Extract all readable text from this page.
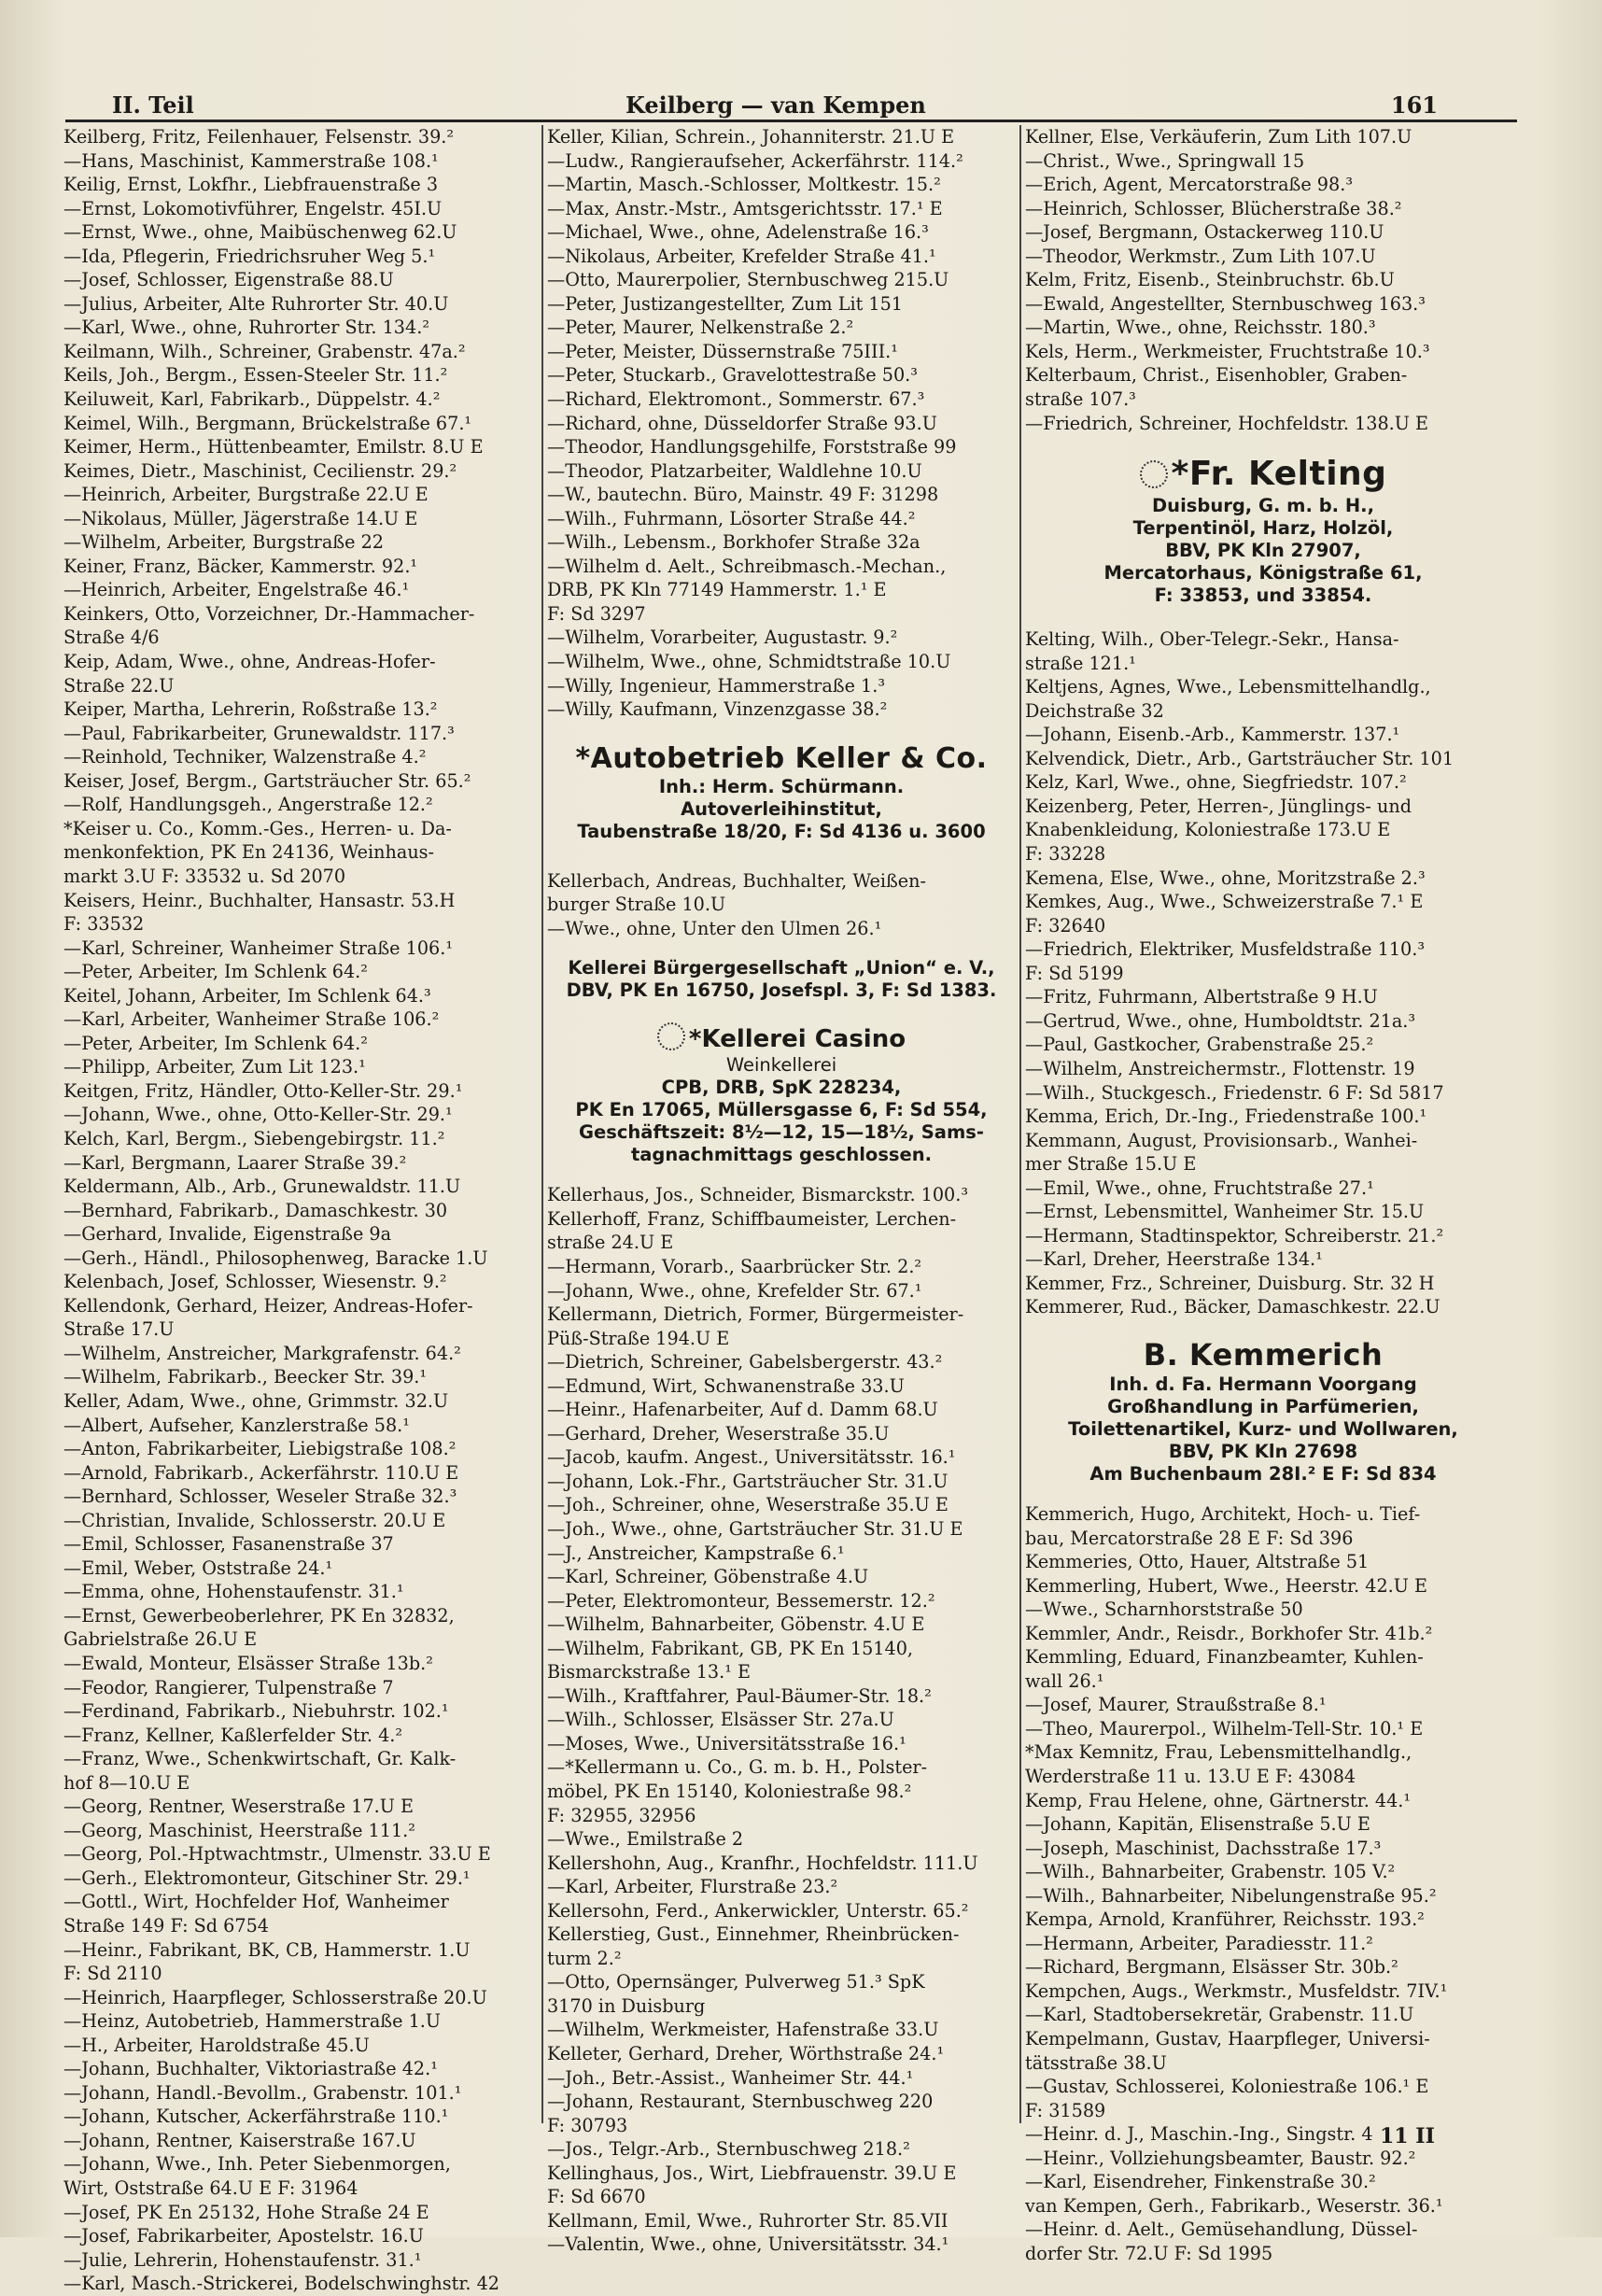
II. Teil	Keilberg — van Kempen	161
Keilberg, Fritz, Feilenhauer, Felsenstr. 39.²
—Hans, Maschinist, Kammerstraße 108.¹
Keilig, Ernst, Lokfhr., Liebfrauenstraße 3
—Ernst, Lokomotivführer, Engelstr. 45I.U
—Ernst, Wwe., ohne, Maibüschenweg 62.U
—Ida, Pflegerin, Friedrichsruher Weg 5.¹
—Josef, Schlosser, Eigenstraße 88.U
—Julius, Arbeiter, Alte Ruhrorter Str. 40.U
—Karl, Wwe., ohne, Ruhrorter Str. 134.²
Keilmann, Wilh., Schreiner, Grabenstr. 47a.²
Keils, Joh., Bergm., Essen-Steeler Str. 11.²
Keiluweit, Karl, Fabrikarb., Düppelstr. 4.²
Keimel, Wilh., Bergmann, Brückelstraße 67.¹
Keimer, Herm., Hüttenbeamter, Emilstr. 8.U E
Keimes, Dietr., Maschinist, Cecilienstr. 29.²
—Heinrich, Arbeiter, Burgstraße 22.U E
—Nikolaus, Müller, Jägerstraße 14.U E
—Wilhelm, Arbeiter, Burgstraße 22
Keiner, Franz, Bäcker, Kammerstr. 92.¹
—Heinrich, Arbeiter, Engelstraße 46.¹
Keinkers, Otto, Vorzeichner, Dr.-Hammacher-
Straße 4/6
Keip, Adam, Wwe., ohne, Andreas-Hofer-
Straße 22.U
Keiper, Martha, Lehrerin, Roßstraße 13.²
—Paul, Fabrikarbeiter, Grunewaldstr. 117.³
—Reinhold, Techniker, Walzenstraße 4.²
Keiser, Josef, Bergm., Gartsträucher Str. 65.²
—Rolf, Handlungsgeh., Angerstraße 12.²
*Keiser u. Co., Komm.-Ges., Herren- u. Da-
menkonfektion, PK En 24136, Weinhaus-
markt 3.U F: 33532 u. Sd 2070
Keisers, Heinr., Buchhalter, Hansastr. 53.H
F: 33532
—Karl, Schreiner, Wanheimer Straße 106.¹
—Peter, Arbeiter, Im Schlenk 64.²
Keitel, Johann, Arbeiter, Im Schlenk 64.³
—Karl, Arbeiter, Wanheimer Straße 106.²
—Peter, Arbeiter, Im Schlenk 64.²
—Philipp, Arbeiter, Zum Lit 123.¹
Keitgen, Fritz, Händler, Otto-Keller-Str. 29.¹
—Johann, Wwe., ohne, Otto-Keller-Str. 29.¹
Kelch, Karl, Bergm., Siebengebirgstr. 11.²
—Karl, Bergmann, Laarer Straße 39.²
Keldermann, Alb., Arb., Grunewaldstr. 11.U
—Bernhard, Fabrikarb., Damaschkestr. 30
—Gerhard, Invalide, Eigenstraße 9a
—Gerh., Händl., Philosophenweg, Baracke 1.U
Kelenbach, Josef, Schlosser, Wiesenstr. 9.²
Kellendonk, Gerhard, Heizer, Andreas-Hofer-
Straße 17.U
—Wilhelm, Anstreicher, Markgrafenstr. 64.²
—Wilhelm, Fabrikarb., Beecker Str. 39.¹
Keller, Adam, Wwe., ohne, Grimmstr. 32.U
—Albert, Aufseher, Kanzlerstraße 58.¹
—Anton, Fabrikarbeiter, Liebigstraße 108.²
—Arnold, Fabrikarb., Ackerfährstr. 110.U E
—Bernhard, Schlosser, Weseler Straße 32.³
—Christian, Invalide, Schlosserstr. 20.U E
—Emil, Schlosser, Fasanenstraße 37
—Emil, Weber, Oststraße 24.¹
—Emma, ohne, Hohenstaufenstr. 31.¹
—Ernst, Gewerbeoberlehrer, PK En 32832,
Gabrielstraße 26.U E
—Ewald, Monteur, Elsässer Straße 13b.²
—Feodor, Rangierer, Tulpenstraße 7
—Ferdinand, Fabrikarb., Niebuhrstr. 102.¹
—Franz, Kellner, Kaßlerfelder Str. 4.²
—Franz, Wwe., Schenkwirtschaft, Gr. Kalk-
hof 8—10.U E
—Georg, Rentner, Weserstraße 17.U E
—Georg, Maschinist, Heerstraße 111.²
—Georg, Pol.-Hptwachtmstr., Ulmenstr. 33.U E
—Gerh., Elektromonteur, Gitschiner Str. 29.¹
—Gottl., Wirt, Hochfelder Hof, Wanheimer
Straße 149 F: Sd 6754
—Heinr., Fabrikant, BK, CB, Hammerstr. 1.U
F: Sd 2110
—Heinrich, Haarpfleger, Schlosserstraße 20.U
—Heinz, Autobetrieb, Hammerstraße 1.U
—H., Arbeiter, Haroldstraße 45.U
—Johann, Buchhalter, Viktoriastraße 42.¹
—Johann, Handl.-Bevollm., Grabenstr. 101.¹
—Johann, Kutscher, Ackerfährstraße 110.¹
—Johann, Rentner, Kaiserstraße 167.U
—Johann, Wwe., Inh. Peter Siebenmorgen,
Wirt, Oststraße 64.U E F: 31964
—Josef, PK En 25132, Hohe Straße 24 E
—Josef, Fabrikarbeiter, Apostelstr. 16.U
—Julie, Lehrerin, Hohenstaufenstr. 31.¹
—Karl, Masch.-Strickerei, Bodelschwinghstr. 42
Keller, Kilian, Schrein., Johanniterstr. 21.U E
—Ludw., Rangieraufseher, Ackerfährstr. 114.²
—Martin, Masch.-Schlosser, Moltkestr. 15.²
—Max, Anstr.-Mstr., Amtsgerichtsstr. 17.¹ E
—Michael, Wwe., ohne, Adelenstraße 16.³
—Nikolaus, Arbeiter, Krefelder Straße 41.¹
—Otto, Maurerpolier, Sternbuschweg 215.U
—Peter, Justizangestellter, Zum Lit 151
—Peter, Maurer, Nelkenstraße 2.²
—Peter, Meister, Düssernstraße 75III.¹
—Peter, Stuckarb., Gravelottestraße 50.³
—Richard, Elektromont., Sommerstr. 67.³
—Richard, ohne, Düsseldorfer Straße 93.U
—Theodor, Handlungsgehilfe, Forststraße 99
—Theodor, Platzarbeiter, Waldlehne 10.U
—W., bautechn. Büro, Mainstr. 49 F: 31298
—Wilh., Fuhrmann, Lösorter Straße 44.²
—Wilh., Lebensm., Borkhofer Straße 32a
—Wilhelm d. Aelt., Schreibmasch.-Mechan.,
DRB, PK Kln 77149 Hammerstr. 1.¹ E
F: Sd 3297
—Wilhelm, Vorarbeiter, Augustastr. 9.²
—Wilhelm, Wwe., ohne, Schmidtstraße 10.U
—Willy, Ingenieur, Hammerstraße 1.³
—Willy, Kaufmann, Vinzenzgasse 38.²
*Autobetrieb Keller & Co.
Inh.: Herm. Schürmann.
Autoverleihinstitut,
Taubenstraße 18/20, F: Sd 4136 u. 3600
Kellerbach, Andreas, Buchhalter, Weißen-
burger Straße 10.U
—Wwe., ohne, Unter den Ulmen 26.¹
Kellerei Bürgergesellschaft „Union“ e. V.,
DBV, PK En 16750, Josefspl. 3, F: Sd 1383.
*Kellerei Casino
Weinkellerei
CPB, DRB, SpK 228234,
PK En 17065, Müllersgasse 6, F: Sd 554,
Geschäftszeit: 8½—12, 15—18½, Sams-
tagnachmittags geschlossen.
Kellerhaus, Jos., Schneider, Bismarckstr. 100.³
Kellerhoff, Franz, Schiffbaumeister, Lerchen-
straße 24.U E
—Hermann, Vorarb., Saarbrücker Str. 2.²
—Johann, Wwe., ohne, Krefelder Str. 67.¹
Kellermann, Dietrich, Former, Bürgermeister-
Püß-Straße 194.U E
—Dietrich, Schreiner, Gabelsbergerstr. 43.²
—Edmund, Wirt, Schwanenstraße 33.U
—Heinr., Hafenarbeiter, Auf d. Damm 68.U
—Gerhard, Dreher, Weserstraße 35.U
—Jacob, kaufm. Angest., Universitätsstr. 16.¹
—Johann, Lok.-Fhr., Gartsträucher Str. 31.U
—Joh., Schreiner, ohne, Weserstraße 35.U E
—Joh., Wwe., ohne, Gartsträucher Str. 31.U E
—J., Anstreicher, Kampstraße 6.¹
—Karl, Schreiner, Göbenstraße 4.U
—Peter, Elektromonteur, Bessemerstr. 12.²
—Wilhelm, Bahnarbeiter, Göbenstr. 4.U E
—Wilhelm, Fabrikant, GB, PK En 15140,
Bismarckstraße 13.¹ E
—Wilh., Kraftfahrer, Paul-Bäumer-Str. 18.²
—Wilh., Schlosser, Elsässer Str. 27a.U
—Moses, Wwe., Universitätsstraße 16.¹
—*Kellermann u. Co., G. m. b. H., Polster-
möbel, PK En 15140, Koloniestraße 98.²
F: 32955, 32956
—Wwe., Emilstraße 2
Kellershohn, Aug., Kranfhr., Hochfeldstr. 111.U
—Karl, Arbeiter, Flurstraße 23.²
Kellersohn, Ferd., Ankerwickler, Unterstr. 65.²
Kellerstieg, Gust., Einnehmer, Rheinbrücken-
turm 2.²
—Otto, Opernsänger, Pulverweg 51.³ SpK
3170 in Duisburg
—Wilhelm, Werkmeister, Hafenstraße 33.U
Kelleter, Gerhard, Dreher, Wörthstraße 24.¹
—Joh., Betr.-Assist., Wanheimer Str. 44.¹
—Johann, Restaurant, Sternbuschweg 220
F: 30793
—Jos., Telgr.-Arb., Sternbuschweg 218.²
Kellinghaus, Jos., Wirt, Liebfrauenstr. 39.U E
F: Sd 6670
Kellmann, Emil, Wwe., Ruhrorter Str. 85.VII
—Valentin, Wwe., ohne, Universitätsstr. 34.¹
Kellner, Else, Verkäuferin, Zum Lith 107.U
—Christ., Wwe., Springwall 15
—Erich, Agent, Mercatorstraße 98.³
—Heinrich, Schlosser, Blücherstraße 38.²
—Josef, Bergmann, Ostackerweg 110.U
—Theodor, Werkmstr., Zum Lith 107.U
Kelm, Fritz, Eisenb., Steinbruchstr. 6b.U
—Ewald, Angestellter, Sternbuschweg 163.³
—Martin, Wwe., ohne, Reichsstr. 180.³
Kels, Herm., Werkmeister, Fruchtstraße 10.³
Kelterbaum, Christ., Eisenhobler, Graben-
straße 107.³
—Friedrich, Schreiner, Hochfeldstr. 138.U E
*Fr. Kelting
Duisburg, G. m. b. H.,
Terpentinöl, Harz, Holzöl,
BBV, PK Kln 27907,
Mercatorhaus, Königstraße 61,
F: 33853, und 33854.
Kelting, Wilh., Ober-Telegr.-Sekr., Hansa-
straße 121.¹
Keltjens, Agnes, Wwe., Lebensmittelhandlg.,
Deichstraße 32
—Johann, Eisenb.-Arb., Kammerstr. 137.¹
Kelvendick, Dietr., Arb., Gartsträucher Str. 101
Kelz, Karl, Wwe., ohne, Siegfriedstr. 107.²
Keizenberg, Peter, Herren-, Jünglings- und
Knabenkleidung, Koloniestraße 173.U E
F: 33228
Kemena, Else, Wwe., ohne, Moritzstraße 2.³
Kemkes, Aug., Wwe., Schweizerstraße 7.¹ E
F: 32640
—Friedrich, Elektriker, Musfeldstraße 110.³
F: Sd 5199
—Fritz, Fuhrmann, Albertstraße 9 H.U
—Gertrud, Wwe., ohne, Humboldtstr. 21a.³
—Paul, Gastkocher, Grabenstraße 25.²
—Wilhelm, Anstreichermstr., Flottenstr. 19
—Wilh., Stuckgesch., Friedenstr. 6 F: Sd 5817
Kemma, Erich, Dr.-Ing., Friedenstraße 100.¹
Kemmann, August, Provisionsarb., Wanhei-
mer Straße 15.U E
—Emil, Wwe., ohne, Fruchtstraße 27.¹
—Ernst, Lebensmittel, Wanheimer Str. 15.U
—Hermann, Stadtinspektor, Schreiberstr. 21.²
—Karl, Dreher, Heerstraße 134.¹
Kemmer, Frz., Schreiner, Duisburg. Str. 32 H
Kemmerer, Rud., Bäcker, Damaschkestr. 22.U
B. Kemmerich
Inh. d. Fa. Hermann Voorgang
Großhandlung in Parfümerien,
Toilettenartikel, Kurz- und Wollwaren,
BBV, PK Kln 27698
Am Buchenbaum 28I.² E F: Sd 834
Kemmerich, Hugo, Architekt, Hoch- u. Tief-
bau, Mercatorstraße 28 E F: Sd 396
Kemmeries, Otto, Hauer, Altstraße 51
Kemmerling, Hubert, Wwe., Heerstr. 42.U E
—Wwe., Scharnhorststraße 50
Kemmler, Andr., Reisdr., Borkhofer Str. 41b.²
Kemmling, Eduard, Finanzbeamter, Kuhlen-
wall 26.¹
—Josef, Maurer, Straußstraße 8.¹
—Theo, Maurerpol., Wilhelm-Tell-Str. 10.¹ E
*Max Kemnitz, Frau, Lebensmittelhandlg.,
Werderstraße 11 u. 13.U E F: 43084
Kemp, Frau Helene, ohne, Gärtnerstr. 44.¹
—Johann, Kapitän, Elisenstraße 5.U E
—Joseph, Maschinist, Dachsstraße 17.³
—Wilh., Bahnarbeiter, Grabenstr. 105 V.²
—Wilh., Bahnarbeiter, Nibelungenstraße 95.²
Kempa, Arnold, Kranführer, Reichsstr. 193.²
—Hermann, Arbeiter, Paradiesstr. 11.²
—Richard, Bergmann, Elsässer Str. 30b.²
Kempchen, Augs., Werkmstr., Musfeldstr. 7IV.¹
—Karl, Stadtobersekretär, Grabenstr. 11.U
Kempelmann, Gustav, Haarpfleger, Universi-
tätsstraße 38.U
—Gustav, Schlosserei, Koloniestraße 106.¹ E
F: 31589
—Heinr. d. J., Maschin.-Ing., Singstr. 4
—Heinr., Vollziehungsbeamter, Baustr. 92.²
—Karl, Eisendreher, Finkenstraße 30.²
van Kempen, Gerh., Fabrikarb., Weserstr. 36.¹
—Heinr. d. Aelt., Gemüsehandlung, Düssel-
dorfer Str. 72.U F: Sd 1995
11 II
